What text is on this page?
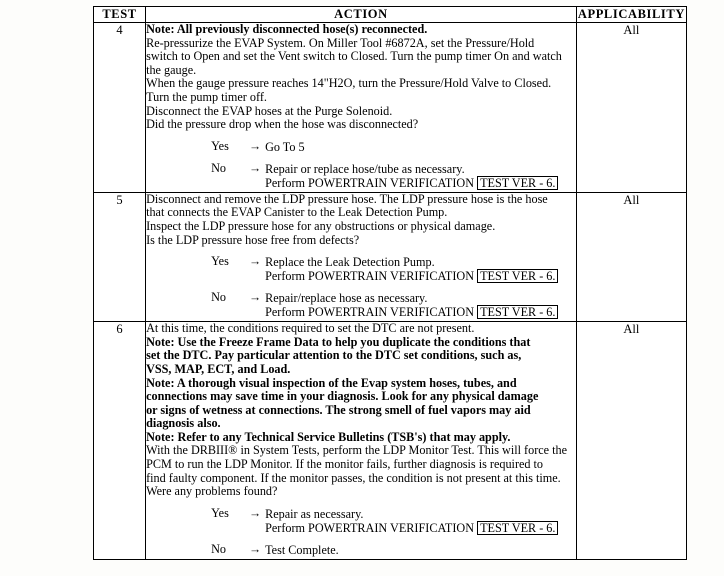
TEST	ACTION	APPLICABILITY
4	Note: All previously disconnected hose(s) reconnected.
Re-pressurize the EVAP System. On Miller Tool #6872A, set the Pressure/Hold
switch to Open and set the Vent switch to Closed. Turn the pump timer On and watch
the gauge.
When the gauge pressure reaches 14"H2O, turn the Pressure/Hold Valve to Closed.
Turn the pump timer off.
Disconnect the EVAP hoses at the Purge Solenoid.
Did the pressure drop when the hose was disconnected?
Yes	→ Go To 5
No	→ Repair or replace hose/tube as necessary.
Perform POWERTRAIN VERIFICATION TEST VER - 6.
	All
5	Disconnect and remove the LDP pressure hose. The LDP pressure hose is the hose
that connects the EVAP Canister to the Leak Detection Pump.
Inspect the LDP pressure hose for any obstructions or physical damage.
Is the LDP pressure hose free from defects?
Yes	→ Replace the Leak Detection Pump.
Perform POWERTRAIN VERIFICATION TEST VER - 6.
No	→ Repair/replace hose as necessary.
Perform POWERTRAIN VERIFICATION TEST VER - 6.
	All
6	At this time, the conditions required to set the DTC are not present.
Note: Use the Freeze Frame Data to help you duplicate the conditions that
set the DTC. Pay particular attention to the DTC set conditions, such as,
VSS, MAP, ECT, and Load.
Note: A thorough visual inspection of the Evap system hoses, tubes, and
connections may save time in your diagnosis. Look for any physical damage
or signs of wetness at connections. The strong smell of fuel vapors may aid
diagnosis also.
Note: Refer to any Technical Service Bulletins (TSB's) that may apply.
With the DRBIII® in System Tests, perform the LDP Monitor Test. This will force the
PCM to run the LDP Monitor. If the monitor fails, further diagnosis is required to
find faulty component. If the monitor passes, the condition is not present at this time.
Were any problems found?
Yes	→ Repair as necessary.
Perform POWERTRAIN VERIFICATION TEST VER - 6.
No	→ Test Complete.
	All
